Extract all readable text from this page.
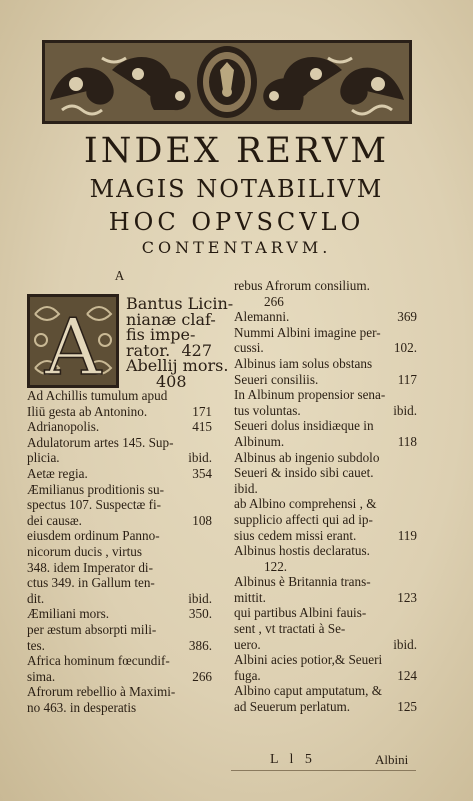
INDEX RERVM
MAGIS NOTABILIVM
HOC OPVSCVLO
CONTENTARVM.
A
A
Bantus Licin-
nianæ claf-
fis impe-
rator. 427
Abellij mors.
408
Ad Achillis tumulum apud
Iliū gesta ab Antonino.	171
Adrianopolis.	415
Adulatorum artes 145. Sup-
plicia.	ibid.
Aetæ regia.	354
Æmilianus proditionis su-
spectus 107. Suspectæ fi-
dei causæ.	108
eiusdem ordinum Panno-
nicorum ducis , virtus
348. idem Imperator di-
ctus 349. in Gallum ten-
dit.	ibid.
Æmiliani mors.	350.
per æstum absorpti mili-
tes.	386.
Africa hominum fœcundif-
sima.	266
Afrorum rebellio à Maximi-
no 463. in desperatis
rebus Afrorum consilium.
266
Alemanni.	369
Nummi Albini imagine per-
cussi.	102.
Albinus iam solus obstans
Seueri consiliis.	117
In Albinum propensior sena-
tus voluntas.	ibid.
Seueri dolus insidiæque in
Albinum.	118
Albinus ab ingenio subdolo
Seueri & insido sibi cauet.
ibid.
ab Albino comprehensi , &
supplicio affecti qui ad ip-
sius cedem missi erant.	119
Albinus hostis declaratus.
122.
Albinus è Britannia trans-
mittit.	123
qui partibus Albini fauis-
sent , vt tractati à Se-
uero.	ibid.
Albini acies potior,& Seueri
fuga.	124
Albino caput amputatum, &
ad Seuerum perlatum.	125
L l 5	Albini
